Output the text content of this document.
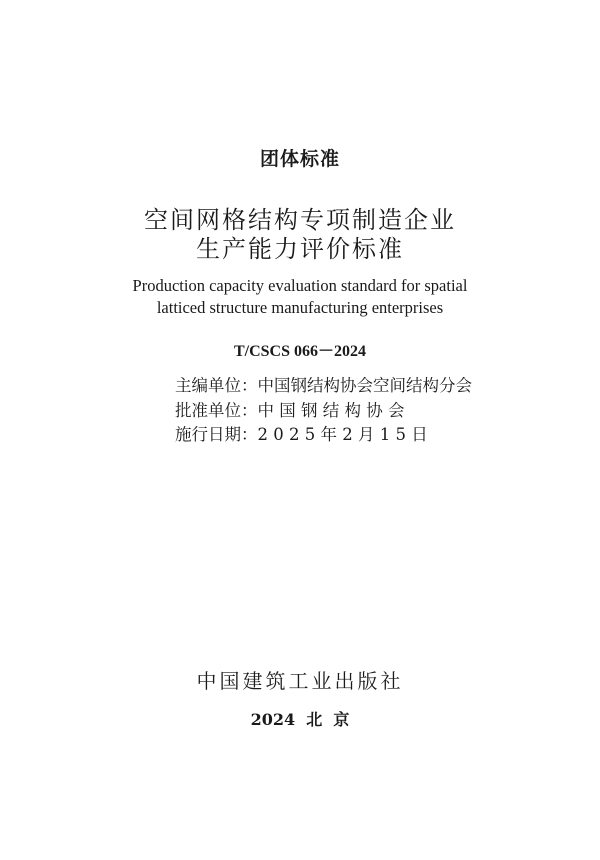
团体标准
空间网格结构专项制造企业
生产能力评价标准
Production capacity evaluation standard for spatial
latticed structure manufacturing enterprises
T/CSCS 066－2024
主编单位：中国钢结构协会空间结构分会
批准单位：中 国 钢 结 构 协 会
施行日期：2 0 2 5 年 2 月 1 5 日
中国建筑工业出版社
2024  北  京
